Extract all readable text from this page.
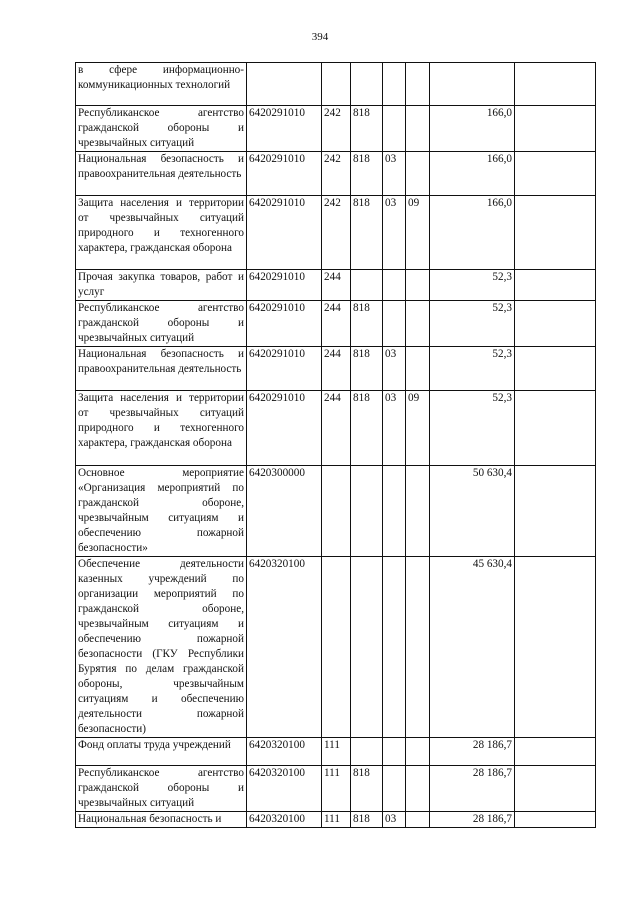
394
в сфере информационно-коммуникационных технологий							
Республиканское агентство гражданской обороны и чрезвычайных ситуаций	6420291010	242	818			166,0	
Национальная безопасность и правоохранительная деятельность	6420291010	242	818	03		166,0	
Защита населения и территории от чрезвычайных ситуаций природного и техногенного характера, гражданская оборона	6420291010	242	818	03	09	166,0	
Прочая закупка товаров, работ и услуг	6420291010	244				52,3	
Республиканское агентство гражданской обороны и чрезвычайных ситуаций	6420291010	244	818			52,3	
Национальная безопасность и правоохранительная деятельность	6420291010	244	818	03		52,3	
Защита населения и территории от чрезвычайных ситуаций природного и техногенного характера, гражданская оборона	6420291010	244	818	03	09	52,3	
Основное мероприятие «Организация мероприятий по гражданской обороне, чрезвычайным ситуациям и обеспечению пожарной безопасности»	6420300000					50 630,4	
Обеспечение деятельности казенных учреждений по организации мероприятий по гражданской обороне, чрезвычайным ситуациям и обеспечению пожарной безопасности (ГКУ Республики Бурятия по делам гражданской обороны, чрезвычайным ситуациям и обеспечению деятельности пожарной безопасности)	6420320100					45 630,4	
Фонд оплаты труда учреждений	6420320100	111				28 186,7	
Республиканское агентство гражданской обороны и чрезвычайных ситуаций	6420320100	111	818			28 186,7	
Национальная безопасность и	6420320100	111	818	03		28 186,7	
